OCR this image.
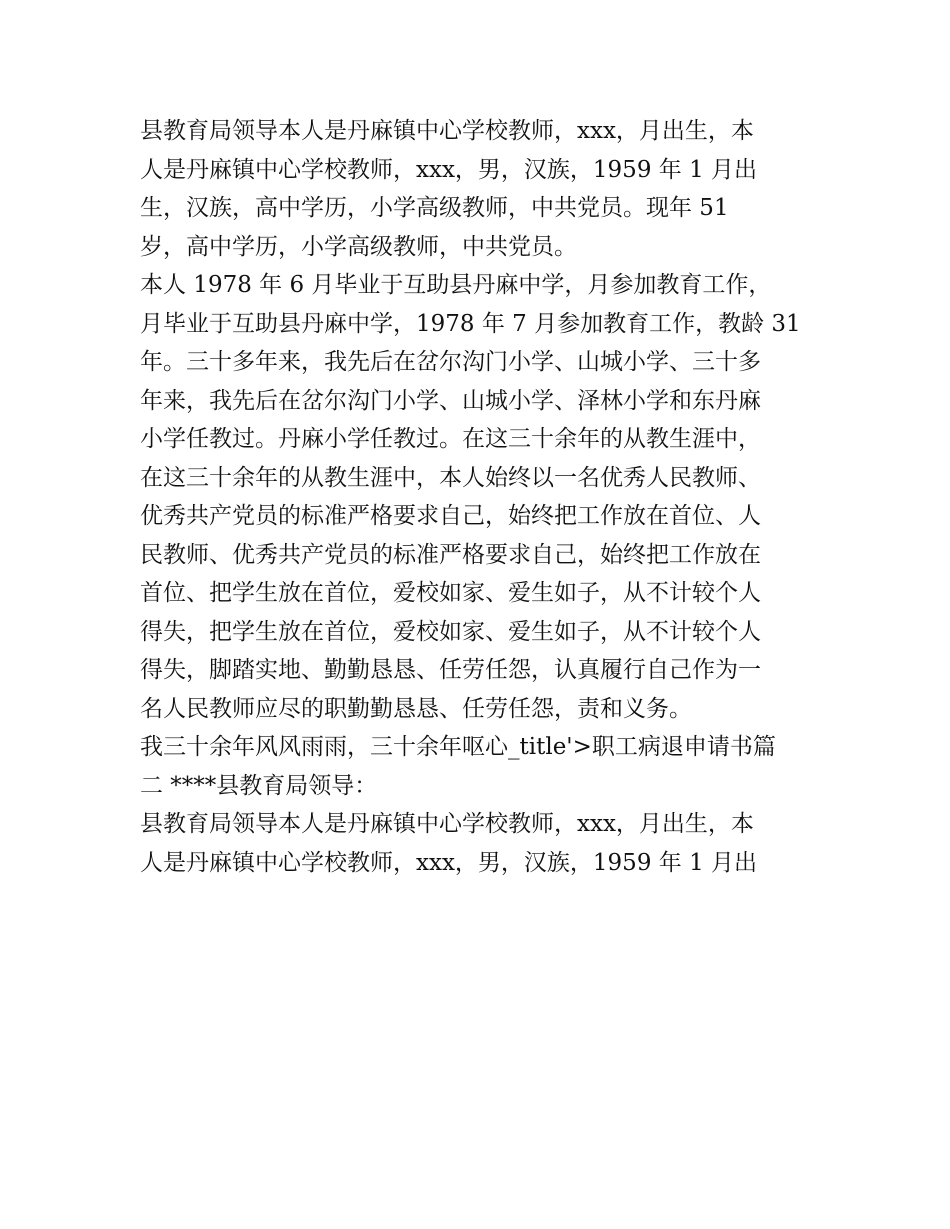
县教育局领导本人是丹麻镇中心学校教师，xxx，月出生，本
人是丹麻镇中心学校教师，xxx，男，汉族，1959 年 1 月出
生，汉族，高中学历，小学高级教师，中共党员。现年 51
岁，高中学历，小学高级教师，中共党员。
本人 1978 年 6 月毕业于互助县丹麻中学，月参加教育工作，
月毕业于互助县丹麻中学，1978 年 7 月参加教育工作，教龄 31
年。三十多年来，我先后在岔尔沟门小学、山城小学、三十多
年来，我先后在岔尔沟门小学、山城小学、泽林小学和东丹麻
小学任教过。丹麻小学任教过。在这三十余年的从教生涯中，
在这三十余年的从教生涯中，本人始终以一名优秀人民教师、
优秀共产党员的标准严格要求自己，始终把工作放在首位、人
民教师、优秀共产党员的标准严格要求自己，始终把工作放在
首位、把学生放在首位，爱校如家、爱生如子，从不计较个人
得失，把学生放在首位，爱校如家、爱生如子，从不计较个人
得失，脚踏实地、勤勤恳恳、任劳任怨，认真履行自己作为一
名人民教师应尽的职勤勤恳恳、任劳任怨，责和义务。
我三十余年风风雨雨，三十余年呕心_title'>职工病退申请书篇
二 ****县教育局领导：
县教育局领导本人是丹麻镇中心学校教师，xxx，月出生，本
人是丹麻镇中心学校教师，xxx，男，汉族，1959 年 1 月出
